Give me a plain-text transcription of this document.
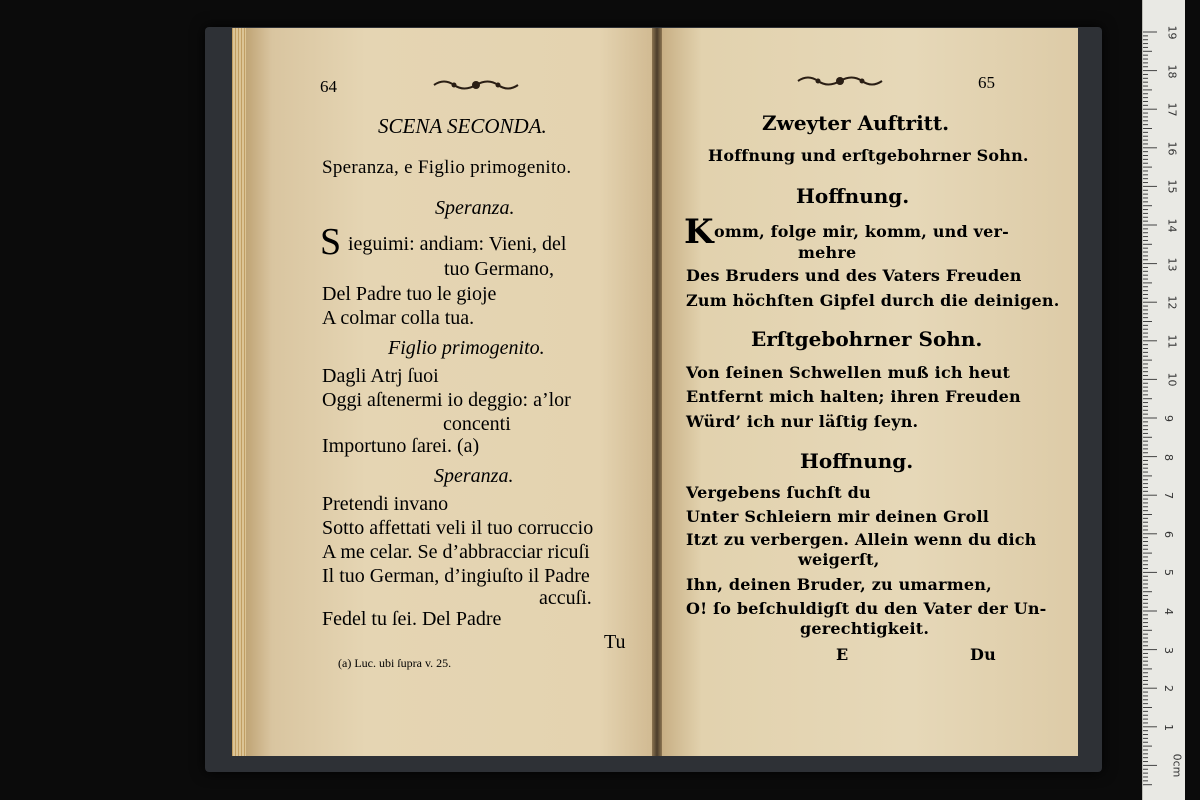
64
SCENA SECONDA.
Speranza, e Figlio primogenito.
Speranza.
S ieguimi: andiam: Vieni, del
tuo Germano,
Del Padre tuo le gioje
A colmar colla tua.
Figlio primogenito.
Dagli Atrj ſuoi
Oggi aſtenermi io deggio: a’lor
concenti
Importuno ſarei. (a)
Speranza.
Pretendi invano
Sotto affettati veli il tuo corruccio
A me celar. Se d’abbracciar ricuſi
Il tuo German, d’ingiuſto il Padre
accuſi.
Fedel tu ſei. Del Padre
Tu
(a) Luc. ubi ſupra v. 25.
65
Zweyter Auftritt.
Hoffnung und erſtgebohrner Sohn.
Hoffnung.
K omm, folge mir, komm, und ver-
mehre
Des Bruders und des Vaters Freuden
Zum höchſten Gipfel durch die deinigen.
Erſtgebohrner Sohn.
Von ſeinen Schwellen muß ich heut
Entfernt mich halten; ihren Freuden
Würd’ ich nur läſtig ſeyn.
Hoffnung.
Vergebens ſuchſt du
Unter Schleiern mir deinen Groll
Itzt zu verbergen. Allein wenn du dich
weigerſt,
Ihn, deinen Bruder, zu umarmen,
O! ſo beſchuldigſt du den Vater der Un-
gerechtigkeit.
E	Du
19
18
17
16
15
14
13
12
11
10
9
8
7
6
5
4
3
2
1
0cm
